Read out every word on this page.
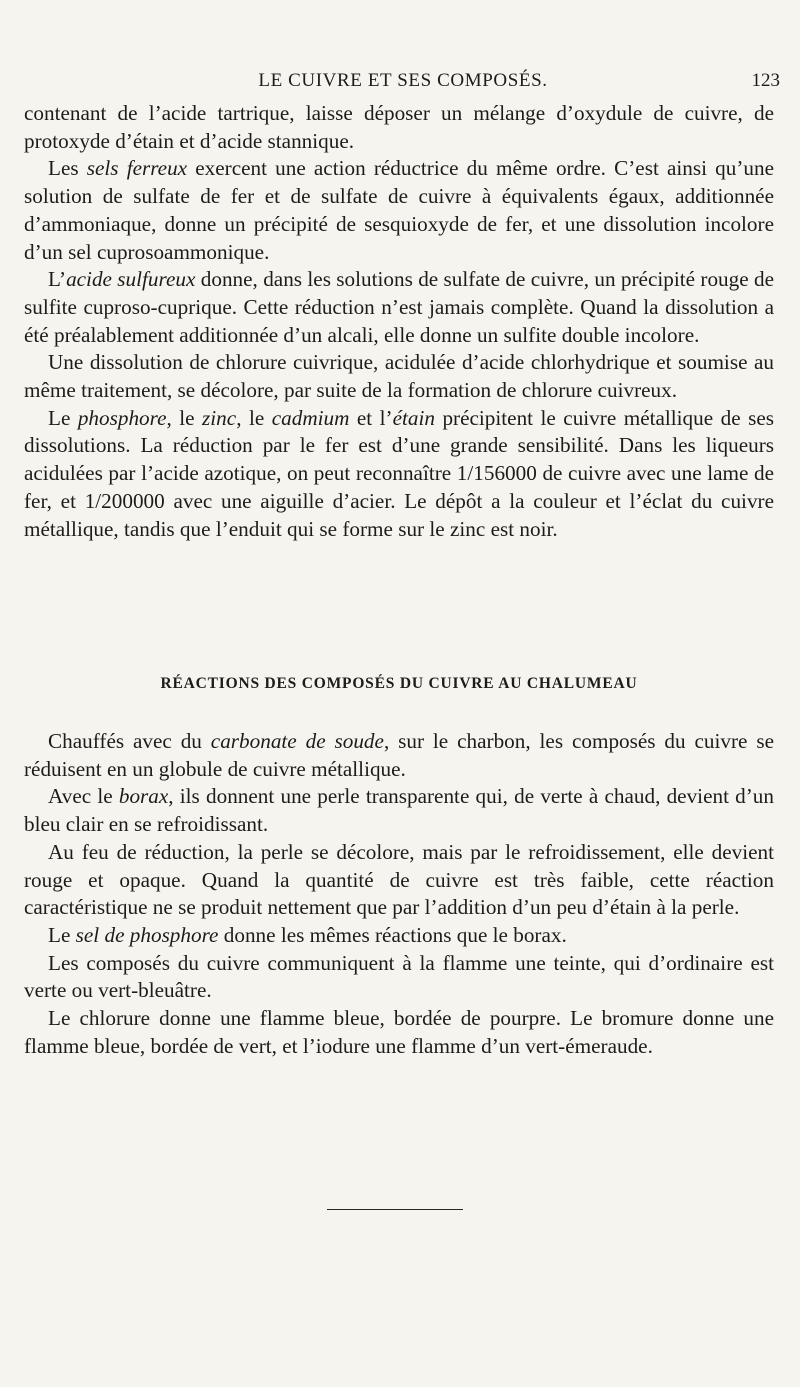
LE CUIVRE ET SES COMPOSÉS.	123

contenant de l’acide tartrique, laisse déposer un mélange d’oxydule de cuivre, de protoxyde d’étain et d’acide stannique.

Les sels ferreux exercent une action réductrice du même ordre. C’est ainsi qu’une solution de sulfate de fer et de sulfate de cuivre à équivalents égaux, additionnée d’ammoniaque, donne un précipité de sesquioxyde de fer, et une dissolution incolore d’un sel cuprosoammonique.

L’acide sulfureux donne, dans les solutions de sulfate de cuivre, un précipité rouge de sulfite cuproso-cuprique. Cette réduction n’est jamais complète. Quand la dissolution a été préalablement additionnée d’un alcali, elle donne un sulfite double incolore.

Une dissolution de chlorure cuivrique, acidulée d’acide chlorhydrique et soumise au même traitement, se décolore, par suite de la formation de chlorure cuivreux.

Le phosphore, le zinc, le cadmium et l’étain précipitent le cuivre métallique de ses dissolutions. La réduction par le fer est d’une grande sensibilité. Dans les liqueurs acidulées par l’acide azotique, on peut reconnaître 1/156000 de cuivre avec une lame de fer, et 1/200000 avec une aiguille d’acier. Le dépôt a la couleur et l’éclat du cuivre métallique, tandis que l’enduit qui se forme sur le zinc est noir.

RÉACTIONS DES COMPOSÉS DU CUIVRE AU CHALUMEAU

Chauffés avec du carbonate de soude, sur le charbon, les composés du cuivre se réduisent en un globule de cuivre métallique.

Avec le borax, ils donnent une perle transparente qui, de verte à chaud, devient d’un bleu clair en se refroidissant.

Au feu de réduction, la perle se décolore, mais par le refroidissement, elle devient rouge et opaque. Quand la quantité de cuivre est très faible, cette réaction caractéristique ne se produit nettement que par l’addition d’un peu d’étain à la perle.

Le sel de phosphore donne les mêmes réactions que le borax.

Les composés du cuivre communiquent à la flamme une teinte, qui d’ordinaire est verte ou vert-bleuâtre.

Le chlorure donne une flamme bleue, bordée de pourpre. Le bromure donne une flamme bleue, bordée de vert, et l’iodure une flamme d’un vert-émeraude.
